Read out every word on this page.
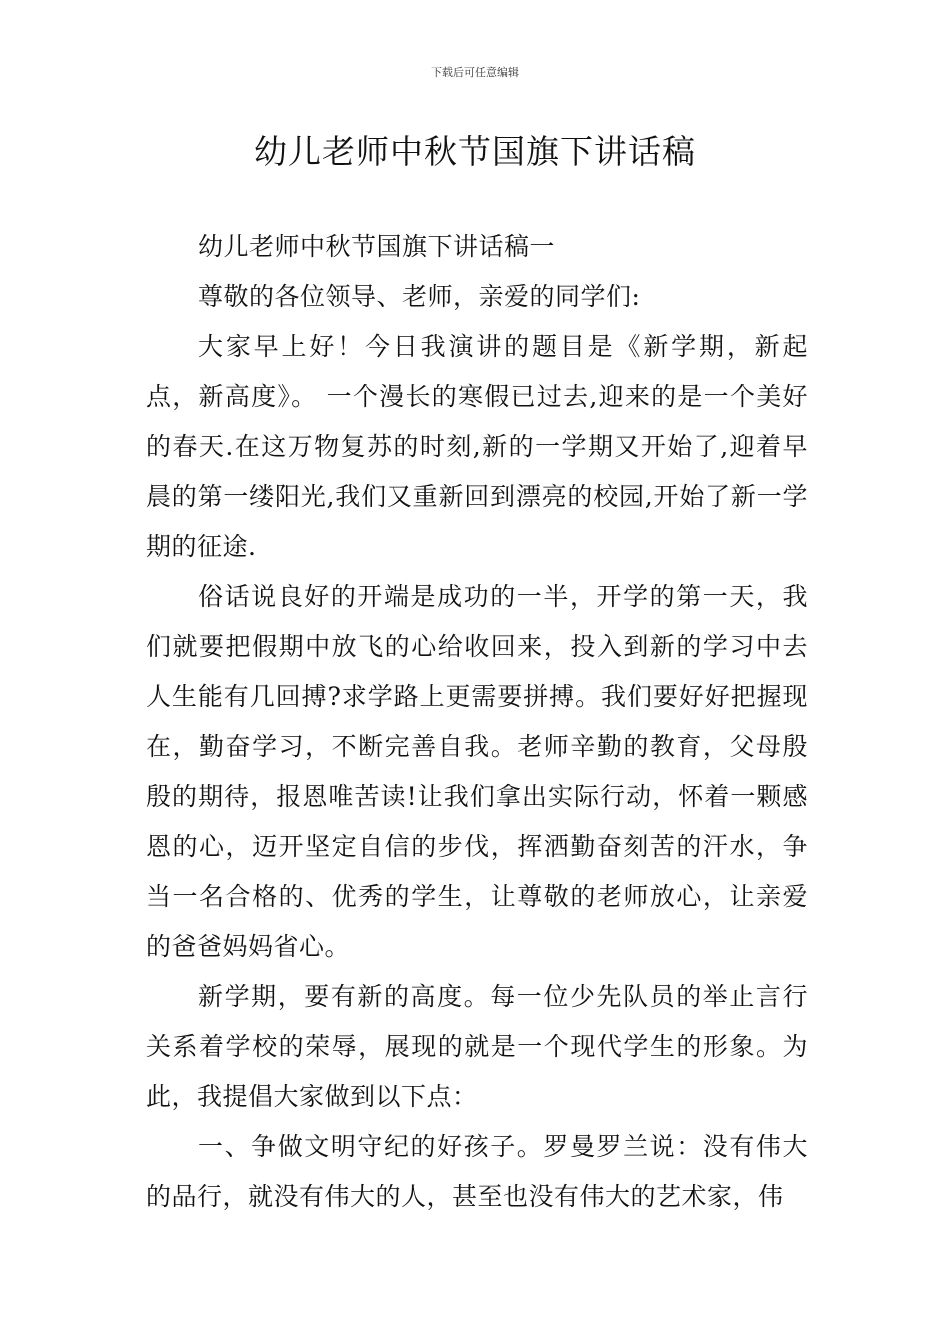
下载后可任意编辑
幼儿老师中秋节国旗下讲话稿

幼儿老师中秋节国旗下讲话稿一

尊敬的各位领导、老师，亲爱的同学们:

大家早上好！今日我演讲的题目是《新学期，新起点，新高度》。 一个漫长的寒假已过去,迎来的是一个美好的春天.在这万物复苏的时刻,新的一学期又开始了,迎着早晨的第一缕阳光,我们又重新回到漂亮的校园,开始了新一学期的征途.

俗话说良好的开端是成功的一半，开学的第一天，我们就要把假期中放飞的心给收回来，投入到新的学习中去人生能有几回搏?求学路上更需要拼搏。我们要好好把握现在，勤奋学习，不断完善自我。老师辛勤的教育，父母殷殷的期待，报恩唯苦读!让我们拿出实际行动，怀着一颗感恩的心，迈开坚定自信的步伐，挥洒勤奋刻苦的汗水，争当一名合格的、优秀的学生，让尊敬的老师放心，让亲爱的爸爸妈妈省心。

新学期，要有新的高度。每一位少先队员的举止言行关系着学校的荣辱，展现的就是一个现代学生的形象。为此，我提倡大家做到以下点：

一、争做文明守纪的好孩子。罗曼罗兰说：没有伟大的品行，就没有伟大的人，甚至也没有伟大的艺术家，伟
